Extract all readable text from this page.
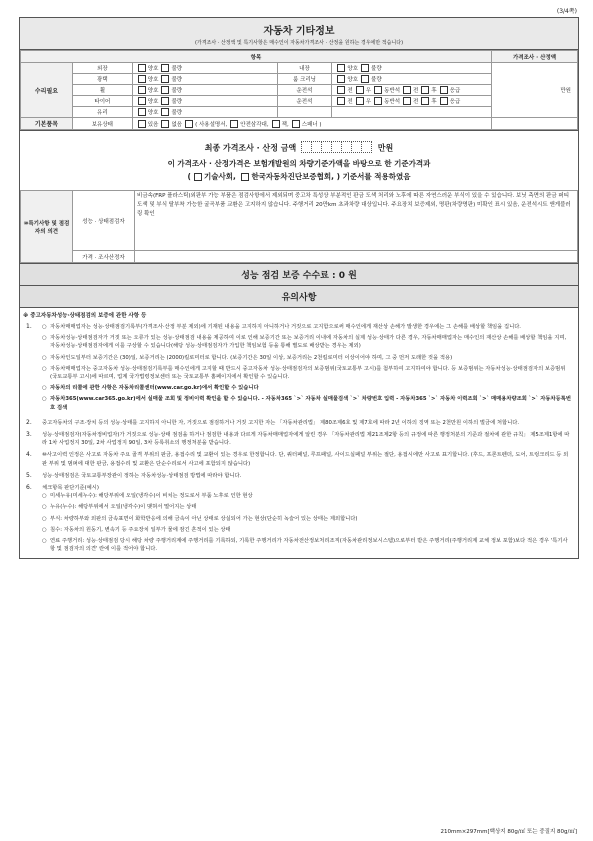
(3/4쪽)
자동차 기타정보
(가격조사 · 산정액 및 특기사항은 매수인이 자동차가격조사 · 산정을 원하는 경우에만 적습니다)
항목					가격조사 · 산정액
수리필요	외장	양호 불량	내장	양호 불량	만원
	광택	양호 불량	룸 크리닝	양호 불량	
	휠	양호 불량	운전석	전 우 동반석 전 후 응급	
	타이어	양호 불량	운전석	전 우 동반석 전 후 응급	
	유리	양호 불량			
기본품목	보유상태	있음 없음 ( 사용설명서, 안전삼각대, 잭, 스패너 )			
최종 가격조사 · 산정 금액	만원
이 가격조사 · 산정가격은 보험개발원의 차량기준가액을 바탕으로 한 기준가격과
( 기술사회, 한국자동차진단보증협회, ) 기준서를 적용하였음
⑩특기사항 및 점검자의 의견	성능 · 상태점검자	비금속(FRP 플라스틱)외판부 가능 부품은 점검사항에서 제외되며 중고차 특성상 부분적인 판금 도색 처리와 노후에 따른 자연스러운 부식이 있을 수 있습니다. 보닛 측면의 판금 퍼티 도색 및 부식 탈부착 가능한 굴곡부품 교환은 고지하지 않습니다. 주행거리 20만km 초과차량 대상입니다. 주요장치 보증제외, 명판(차량명판) 미확인 표시 있음, 운전석시트 앤게블러링 확인
	가격 · 조사산정자	
성능 점검 보증 수수료 : 0 원
유의사항
※ 중고자동차성능·상태점검의 보증에 관한 사항 등
1.	○ 자동차매매업자는 성능·상태점검기록부(가격조사·산정 부분 제외)에 기재된 내용을 고지하지 아니하거나 거짓으로 고지함으로써 매수인에게 재산상 손해가 발생한 경우에는 그 손해를 배상할 책임을 집니다.
○ 자동차성능·상태점검자가 거짓 또는 오류가 있는 성능·상태점검 내용을 제공하여 이로 인해 보증기간 또는 보증거리 이내에 자동차의 실제 성능·상태가 다른 경우, 자동차매매업자는 매수인의 재산상 손해를 배상할 책임을 지며, 자동차성능·상태점검자에게 이를 구상할 수 있습니다(해당 성능·상태점검자가 가입한 책임보험 등을 통해 별도로 배상받는 경우는 제외)
○ 자동차인도일부터 보증기간은 (30)일, 보증거리는 (2000)킬로미터로 합니다. (보증기간은 30일 이상, 보증거리는 2천킬로미터 이상이어야 하며, 그 중 먼저 도래한 것을 적용)
○ 자동차매매업자는 중고자동차 성능·상태점검기록부를 매수인에게 고지할 때 반드시 중고자동차 성능·상태점검자의 보증범위(국토교통부 고시)를 첨부하여 고지하여야 합니다. 등 보증범위는 자동차성능·상태점검자의 보증범위(국토교통부 고시)에 따르며, 업계 국가법령정보센터 또는 국토교통부 홈페이지에서 확인할 수 있습니다.
○ 자동차의 리콜에 관한 사항은 자동차리콜센터(www.car.go.kr)에서 확인할 수 있습니다
○ 자동차365(www.car365.go.kr)에서 실매물 조회 및 정비이력 확인을 할 수 있습니다. - 자동차365 `>` 자동차 실매물검색 `>` 차량번호 입력 - 자동차365 `>` 자동차 이력조회 `>` 매매용차량조회 `>` 자동차등록번호 검색
2.	중고자동차의 구조·장치 등의 성능·상태를 고지하지 아니한 자, 거짓으로 점검하거나 거짓 고지한 자는 「자동차관리법」 제80조제6호 및 제7호에 따라 2년 이하의 징역 또는 2천만원 이하의 벌금에 처합니다.
3.	성능·상태점검자(자동차정비업자)가 거짓으로 성능·상태 점검을 하거나 점검한 내용과 다르게 자동차매매업자에게 알린 경우 「자동차관리법 제21조제2항 등의 규정에 따른 행정처분의 기준과 절차에 관한 규칙」 제5조제1항에 따라 1차 사업정지 30일, 2차 사업정지 90일, 3차 등록취소의 행정처분을 받습니다.
4.	⑩사고이력 인정은 사고로 자동차 주요 골격 부위의 판금, 용접수리 및 교환이 있는 경우로 한정합니다. 단, 쿼터패널, 루프패널, 사이드실패널 부위는 절단, 용접시에만 사고로 표기합니다. (후드, 프론트펜더, 도어, 트렁크리드 등 외판 부위 및 범퍼에 대한 판금, 용접수리 및 교환은 단순수리로서 사고에 포함되지 않습니다)
5.	성능·상태점검은 국토교통부장관이 정하는 자동차성능·상태점검 방법에 따라야 합니다.
6.	체크항목 판단기준(예시)
○ 미세누유(미세누수): 해당부위에 오일(냉각수)이 비치는 정도로서 부품 노후로 인한 현상
○ 누유(누수): 해당부위에서 오일(냉각수)이 맺혀서 떨어지는 상태
○ 부식: 차량하부와 외판의 금속표면이 화학반응에 의해 금속이 아닌 상태로 상실되어 가는 현상(단순히 녹슬어 있는 상태는 제외합니다)
○ 침수: 자동차의 원동기, 변속기 등 주요장치 일부가 물에 잠긴 흔적이 있는 상태
○ 연료 주행거리: 성능·상태점검 당시 해당 차량 주행거리계에 주행거리를 기록하되, 기록한 주행거리가 자동차전산정보처리조직(자동차관리정보시스템)으로부터 받은 주행거리(주행거리계 교체 정보 포함)보다 적은 경우 '특기사항 및 점검자의 의견' 란에 이를 적어야 합니다.
210mm×297mm[백상지 80g/㎡ 또는 중질지 80g/㎡]
